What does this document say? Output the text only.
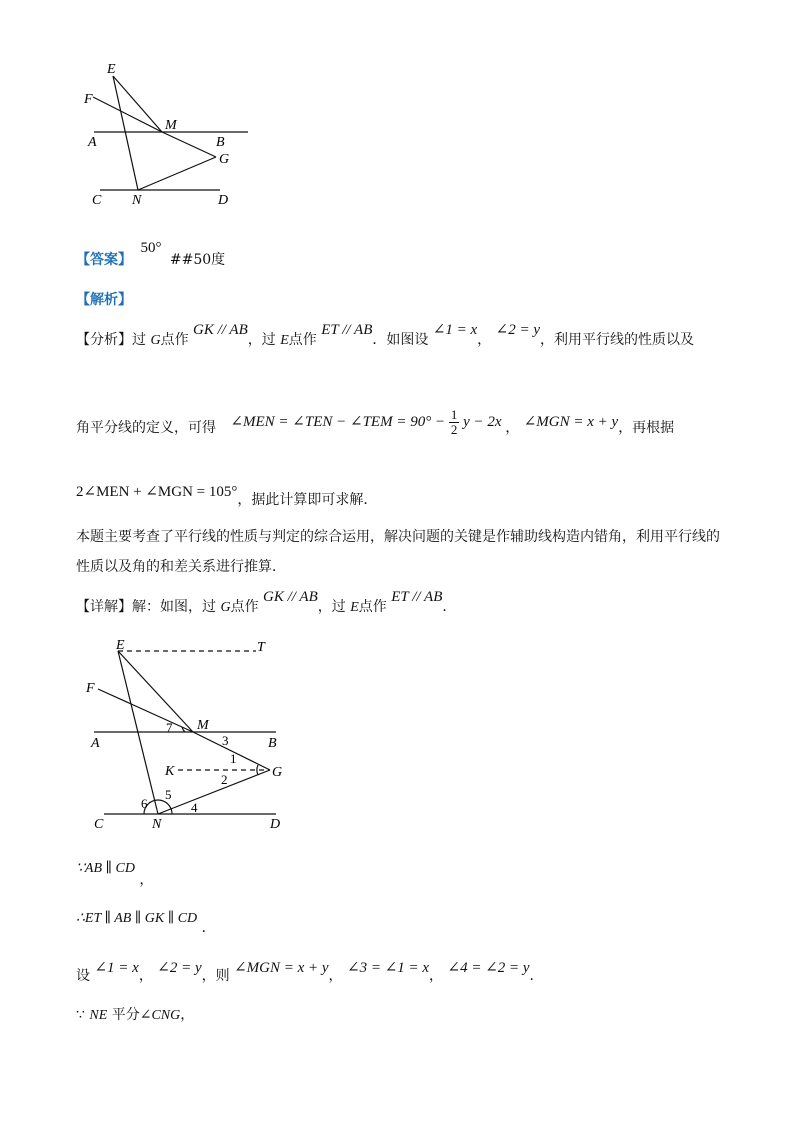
E
F
M
A	B
G
C N	D
【答案】 50° ##50度
【解析】
【分析】过 G点作 GK // AB，过 E点作 ET // AB．如图设 ∠1 = x， ∠2 = y，利用平行线的性质以及
角平分线的定义，可得 ∠MEN = ∠TEN − ∠TEM = $90^\circ - \frac{1}{2}$ y − 2x ， ∠MGN = x + y，再根据
2∠MEN + ∠MGN = 105°，据此计算即可求解．
本题主要考查了平行线的性质与判定的综合运用，解决问题的关键是作辅助线构造内错角，利用平行线的
性质以及角的和差关系进行推算．
【详解】解：如图，过 G点作 GK // AB，过 E点作 ET // AB．
E	T
F
M
A	B
K	G
C	N	D
1
2
3
4
5
6
7
∵AB ∥ CD ，
∴ET ∥ AB ∥ GK ∥ CD ．
设 ∠1 = x， ∠2 = y，则 ∠MGN = x + y， ∠3 = ∠1 = x， ∠4 = ∠2 = y．
∵ NE 平分∠CNG，
